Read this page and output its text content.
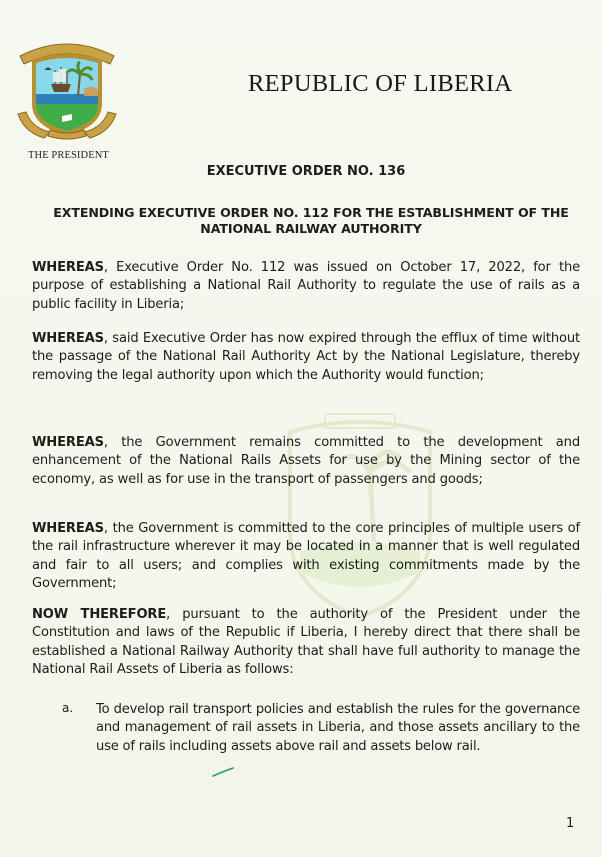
THE PRESIDENT
REPUBLIC OF LIBERIA
EXECUTIVE ORDER NO. 136
EXTENDING EXECUTIVE ORDER NO. 112 FOR THE ESTABLISHMENT OF THE
NATIONAL RAILWAY AUTHORITY
WHEREAS, Executive Order No. 112 was issued on October 17, 2022, for the purpose of establishing a National Rail Authority to regulate the use of rails as a public facility in Liberia;
WHEREAS, said Executive Order has now expired through the efflux of time without the passage of the National Rail Authority Act by the National Legislature, thereby removing the legal authority upon which the Authority would function;
WHEREAS, the Government remains committed to the development and enhancement of the National Rails Assets for use by the Mining sector of the economy, as well as for use in the transport of passengers and goods;
WHEREAS, the Government is committed to the core principles of multiple users of the rail infrastructure wherever it may be located in a manner that is well regulated and fair to all users; and complies with existing commitments made by the Government;
NOW THEREFORE, pursuant to the authority of the President under the Constitution and laws of the Republic if Liberia, I hereby direct that there shall be established a National Railway Authority that shall have full authority to manage the National Rail Assets of Liberia as follows:
a. To develop rail transport policies and establish the rules for the governance and management of rail assets in Liberia, and those assets ancillary to the use of rails including assets above rail and assets below rail.
1
